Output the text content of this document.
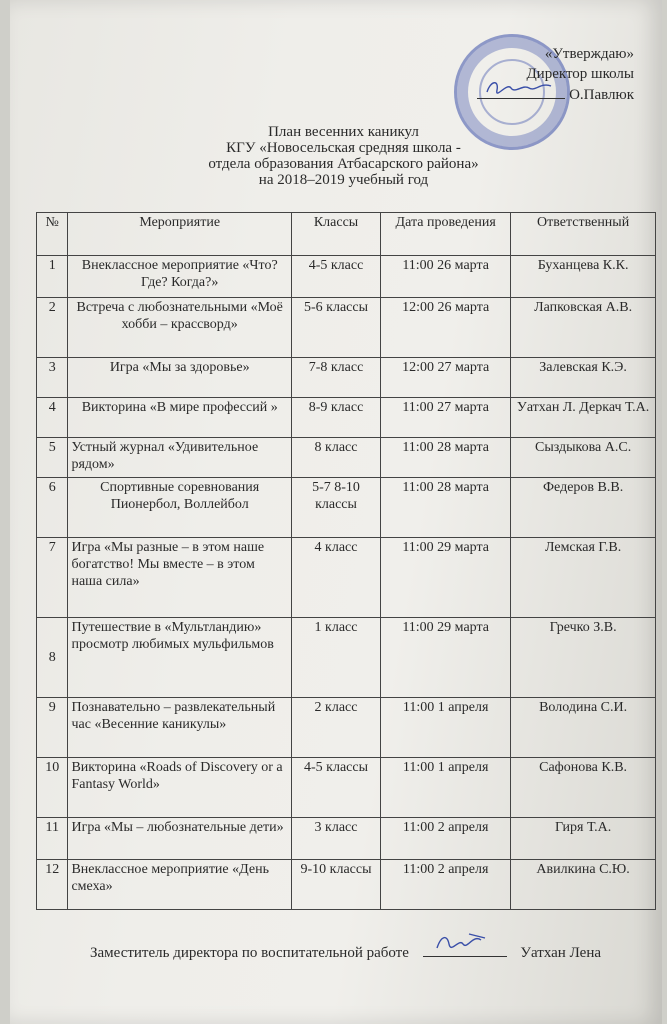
«Утверждаю»
Директор школы
О.Павлюк
План весенних каникул
КГУ «Новосельская средняя школа -
отдела образования Атбасарского района»
на 2018–2019 учебный год
№	Мероприятие	Классы	Дата проведения	Ответственный
1	Внеклассное мероприятие «Что? Где? Когда?»	4-5 класс	11:00 26 марта	Буханцева К.К.
2	Встреча с любознательными «Моё хобби – крассворд»	5-6 классы	12:00 26 марта	Лапковская А.В.
3	Игра «Мы за здоровье»	7-8 класс	12:00 27 марта	Залевская К.Э.
4	Викторина «В мире профессий »	8-9 класс	11:00 27 марта	Уатхан Л. Деркач Т.А.
5	Устный журнал «Удивительное рядом»	8 класс	11:00 28 марта	Сыздыкова А.С.
6	Спортивные соревнования Пионербол, Воллейбол	5-7 8-10 классы	11:00 28 марта	Федеров В.В.
7	Игра «Мы разные – в этом наше богатство! Мы вместе – в этом наша сила»	4 класс	11:00 29 марта	Лемская Г.В.
8	Путешествие в «Мультландию» просмотр любимых мульфильмов	1 класс	11:00 29 марта	Гречко З.В.
9	Познавательно – развлекательный час «Весенние каникулы»	2 класс	11:00 1 апреля	Володина С.И.
10	Викторина «Roads of Discovery or a Fantasy World»	4-5 классы	11:00 1 апреля	Сафонова К.В.
11	Игра «Мы – любознательные дети»	3 класс	11:00 2 апреля	Гиря Т.А.
12	Внеклассное мероприятие «День смеха»	9-10 классы	11:00 2 апреля	Авилкина С.Ю.
Заместитель директора по воспитательной работе	Уатхан Лена
